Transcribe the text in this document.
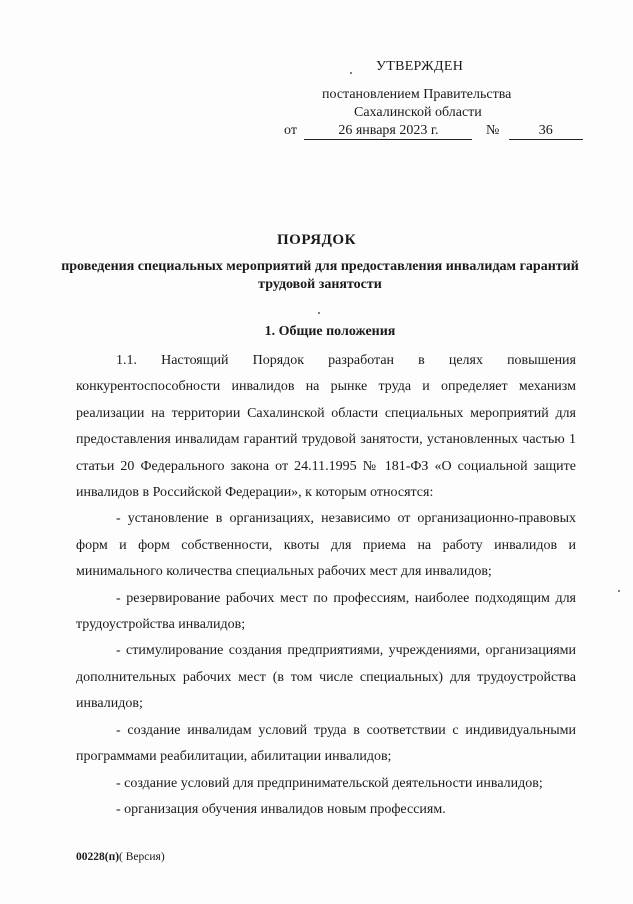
УТВЕРЖДЕН
постановлением Правительства
Сахалинской области
от	26 января 2023 г.	№	36
ПОРЯДОК
проведения специальных мероприятий для предоставления инвалидам гарантий трудовой занятости
1. Общие положения

1.1. Настоящий Порядок разработан в целях повышения конкурентоспособности инвалидов на рынке труда и определяет механизм реализации на территории Сахалинской области специальных мероприятий для предоставления инвалидам гарантий трудовой занятости, установленных частью 1 статьи 20 Федерального закона от 24.11.1995 № 181-ФЗ «О социальной защите инвалидов в Российской Федерации», к которым относятся:

- установление в организациях, независимо от организационно-правовых форм и форм собственности, квоты для приема на работу инвалидов и минимального количества специальных рабочих мест для инвалидов;

- резервирование рабочих мест по профессиям, наиболее подходящим для трудоустройства инвалидов;

- стимулирование создания предприятиями, учреждениями, организациями дополнительных рабочих мест (в том числе специальных) для трудоустройства инвалидов;

- создание инвалидам условий труда в соответствии с индивидуальными программами реабилитации, абилитации инвалидов;

- создание условий для предпринимательской деятельности инвалидов;

- организация обучения инвалидов новым профессиям.

00228(п)( Версия)
